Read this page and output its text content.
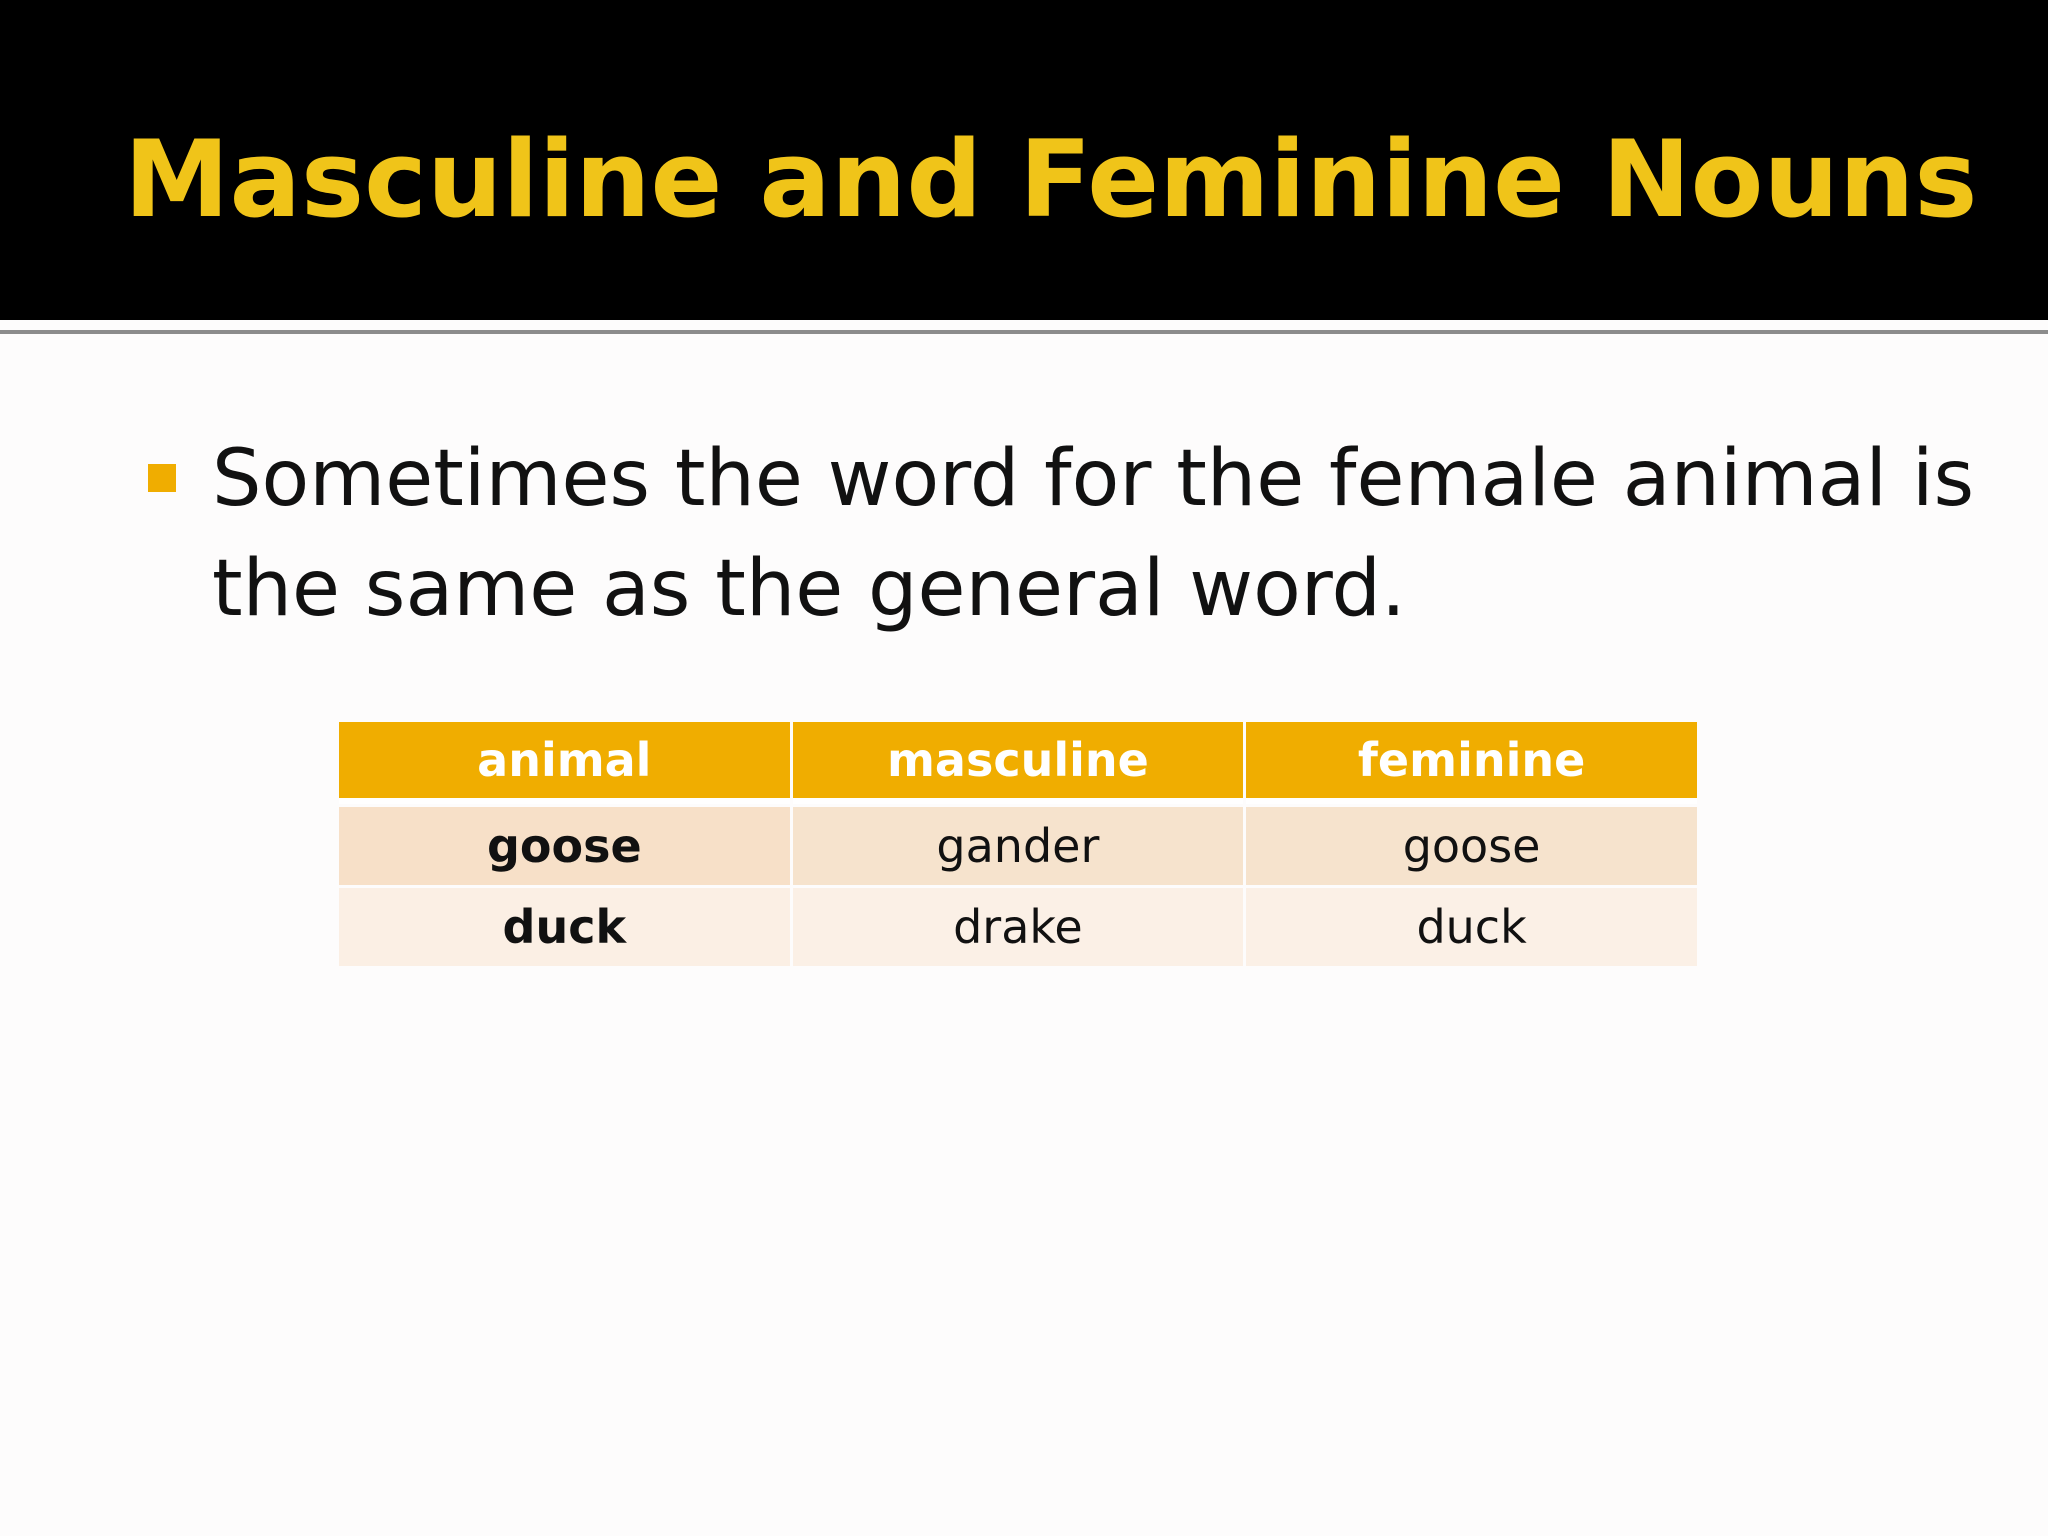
Masculine and Feminine Nouns

Sometimes the word for the female animal is the same as the general word.

animal	masculine	feminine
goose	gander	goose
duck	drake	duck
